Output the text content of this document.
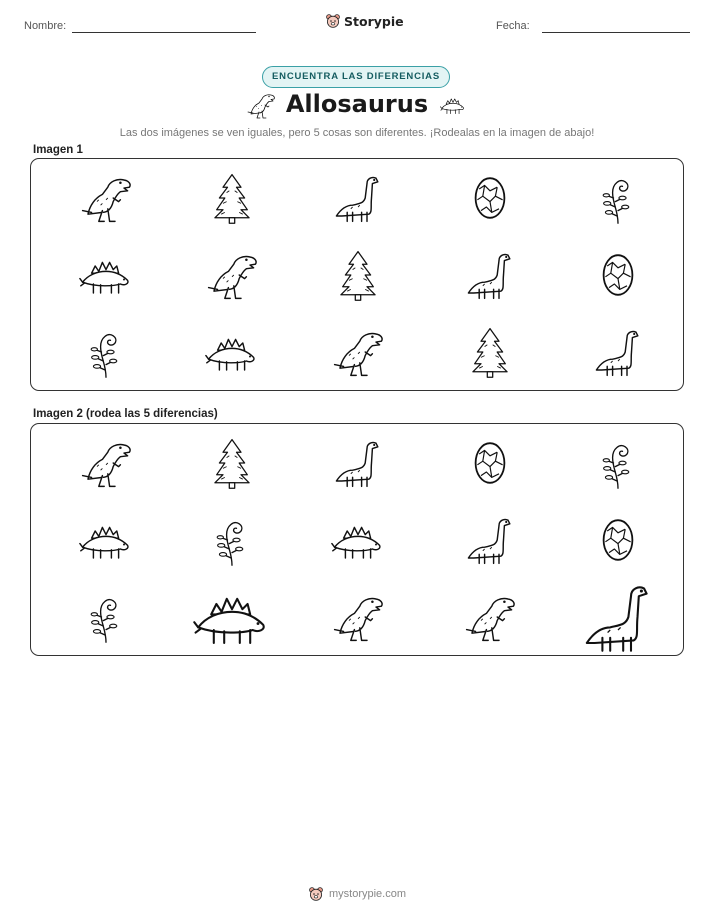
Nombre:	Storypie	Fecha:
ENCUENTRA LAS DIFERENCIAS
Allosaurus
Las dos imágenes se ven iguales, pero 5 cosas son diferentes. ¡Rodealas en la imagen de abajo!
Imagen 1
Imagen 2 (rodea las 5 diferencias)
mystorypie.com
